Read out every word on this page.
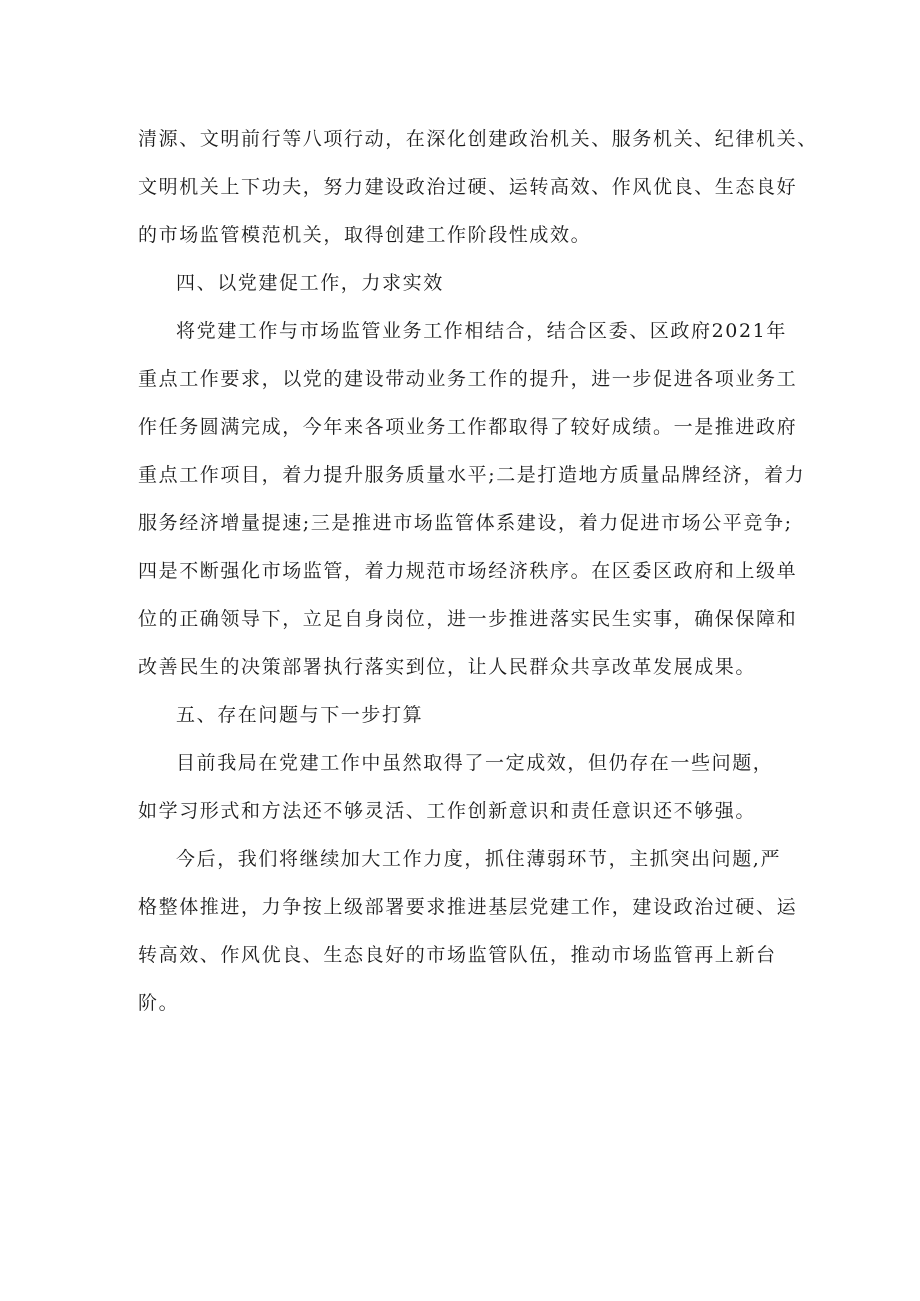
清源、文明前行等八项行动，在深化创建政治机关、服务机关、纪律机关、
文明机关上下功夫，努力建设政治过硬、运转高效、作风优良、生态良好
的市场监管模范机关，取得创建工作阶段性成效。
四、以党建促工作，力求实效
将党建工作与市场监管业务工作相结合，结合区委、区政府2021年
重点工作要求，以党的建设带动业务工作的提升，进一步促进各项业务工
作任务圆满完成，今年来各项业务工作都取得了较好成绩。一是推进政府
重点工作项目，着力提升服务质量水平;二是打造地方质量品牌经济，着力
服务经济增量提速;三是推进市场监管体系建设，着力促进市场公平竞争;
四是不断强化市场监管，着力规范市场经济秩序。在区委区政府和上级单
位的正确领导下，立足自身岗位，进一步推进落实民生实事，确保保障和
改善民生的决策部署执行落实到位，让人民群众共享改革发展成果。
五、存在问题与下一步打算
目前我局在党建工作中虽然取得了一定成效，但仍存在一些问题，
如学习形式和方法还不够灵活、工作创新意识和责任意识还不够强。
今后，我们将继续加大工作力度，抓住薄弱环节，主抓突出问题,严
格整体推进，力争按上级部署要求推进基层党建工作，建设政治过硬、运
转高效、作风优良、生态良好的市场监管队伍，推动市场监管再上新台
阶。
